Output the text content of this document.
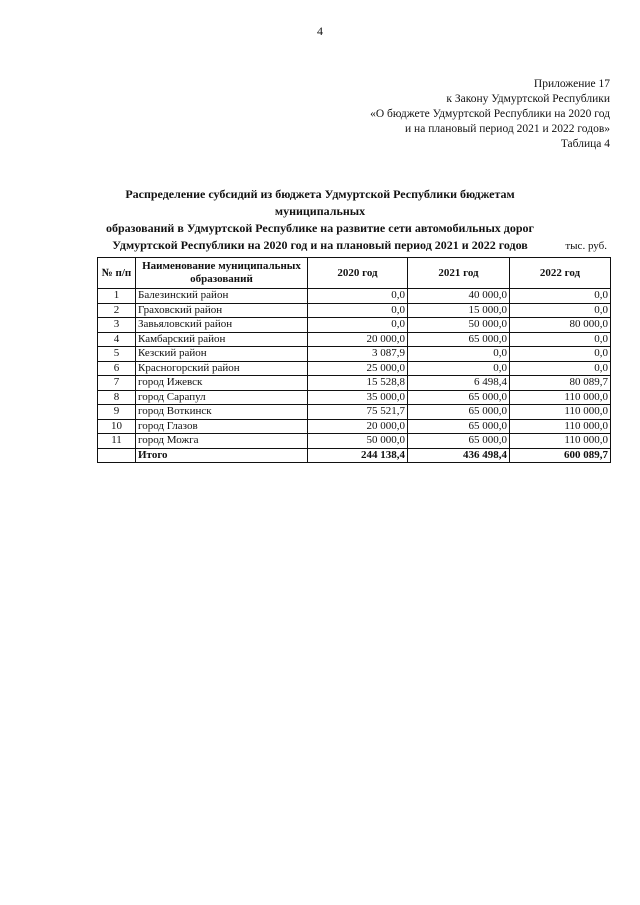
4
Приложение 17
к Закону Удмуртской Республики
«О бюджете Удмуртской Республики на 2020 год
и на плановый период 2021 и 2022 годов»
Таблица 4
Распределение субсидий из бюджета Удмуртской Республики бюджетам муниципальных
образований в Удмуртской Республике на развитие сети автомобильных дорог
Удмуртской Республики на 2020 год и на плановый период 2021 и 2022 годов	тыс. руб.
№ п/п	Наименование муниципальных образований	2020 год	2021 год	2022 год
1	Балезинский район	0,0	40 000,0	0,0
2	Граховский район	0,0	15 000,0	0,0
3	Завьяловский район	0,0	50 000,0	80 000,0
4	Камбарский район	20 000,0	65 000,0	0,0
5	Кезский район	3 087,9	0,0	0,0
6	Красногорский район	25 000,0	0,0	0,0
7	город Ижевск	15 528,8	6 498,4	80 089,7
8	город Сарапул	35 000,0	65 000,0	110 000,0
9	город Воткинск	75 521,7	65 000,0	110 000,0
10	город Глазов	20 000,0	65 000,0	110 000,0
11	город Можга	50 000,0	65 000,0	110 000,0
	Итого	244 138,4	436 498,4	600 089,7
